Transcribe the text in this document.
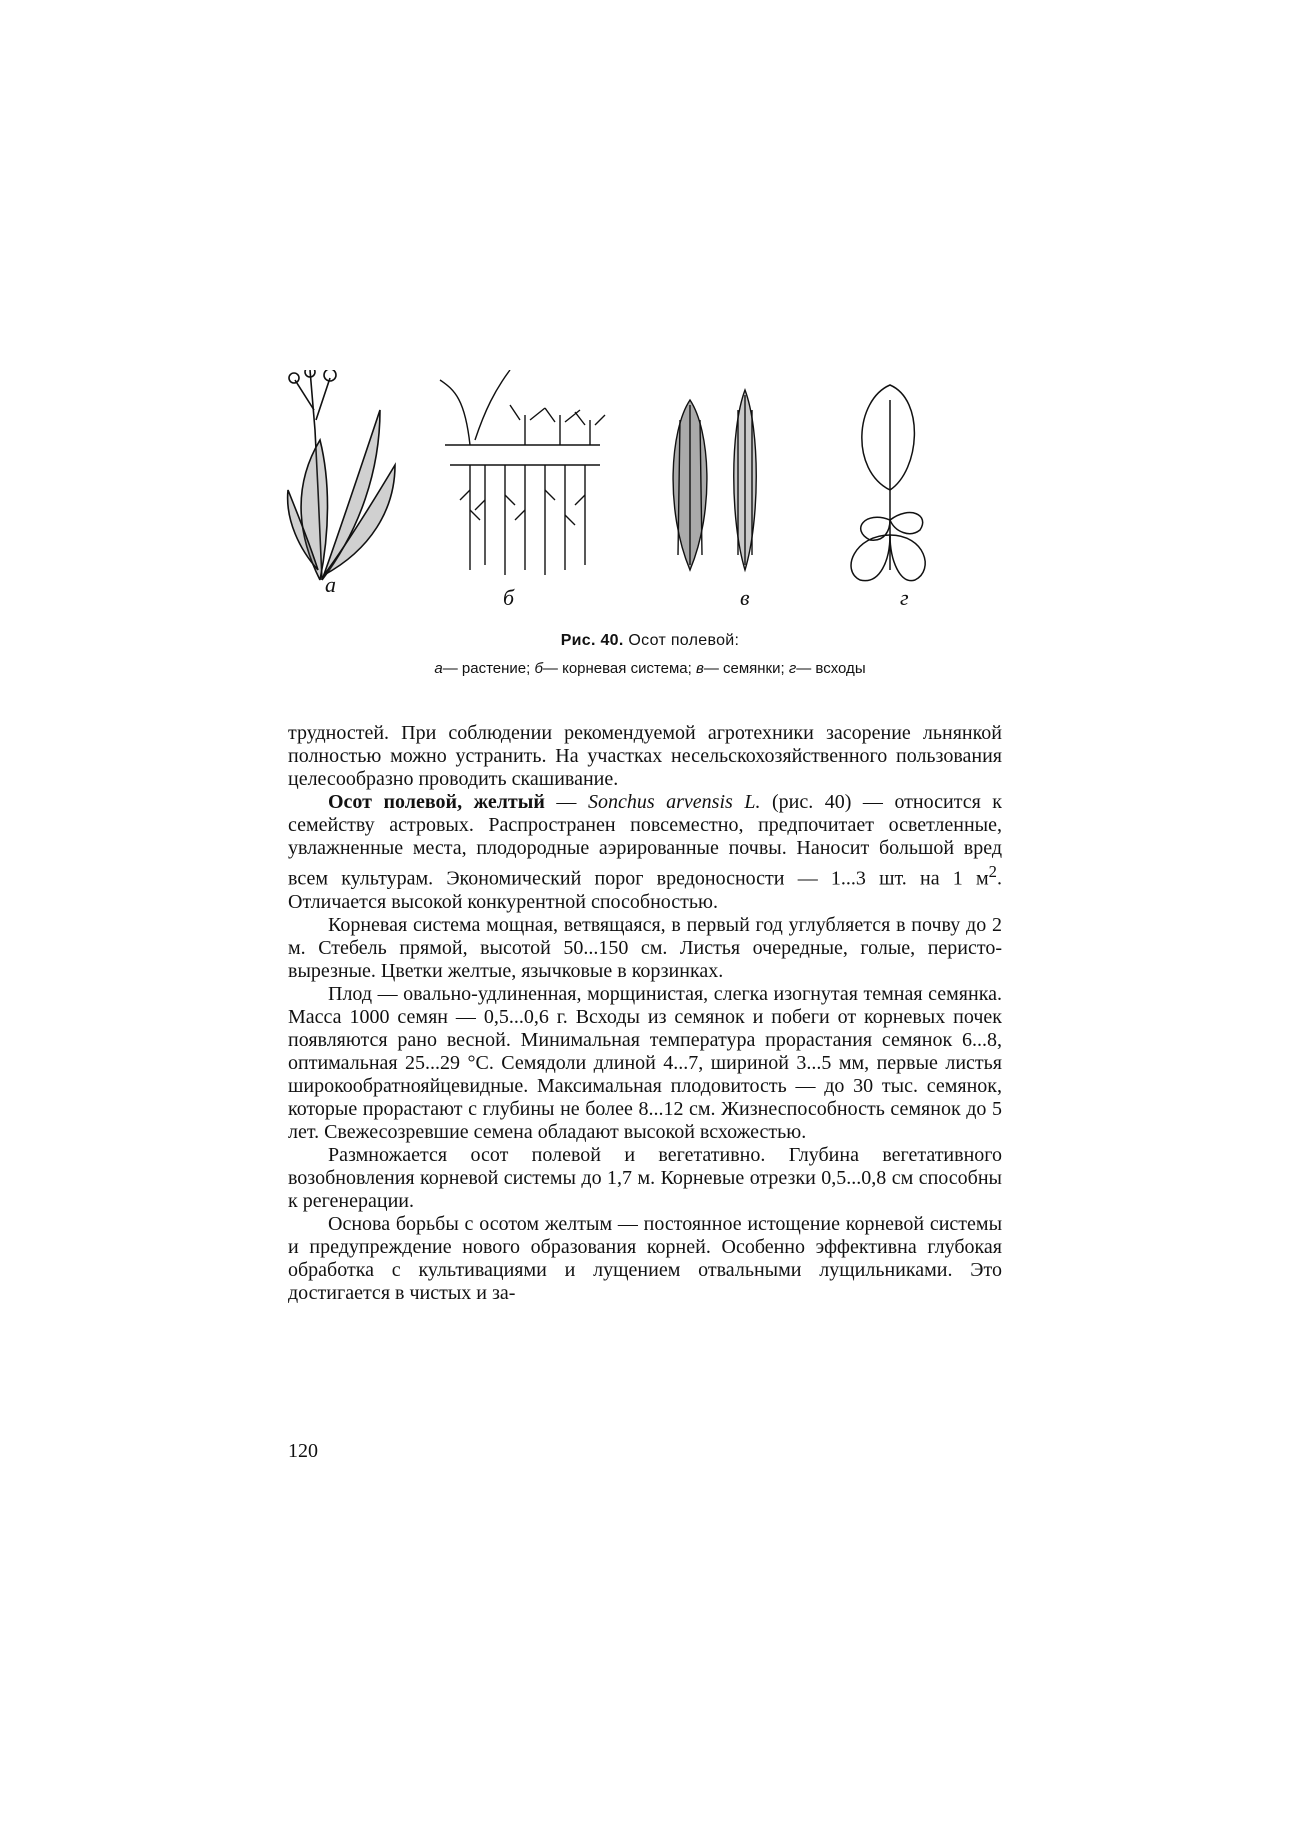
а
б	в	г
Рис. 40. Осот полевой:
а— растение; б— корневая система; в— семянки; г— всходы

трудностей. При соблюдении рекомендуемой агротехники засорение льнянкой полностью можно устранить. На участках несельскохозяйственного пользования целесообразно проводить скашивание.

Осот полевой, желтый — Sonchus arvensis L. (рис. 40) — относится к семейству астровых. Распространен повсеместно, предпочитает осветленные, увлажненные места, плодородные аэрированные почвы. Наносит большой вред всем культурам. Экономический порог вредоносности — 1...3 шт. на 1 $м^2$. Отличается высокой конкурентной способностью.

Корневая система мощная, ветвящаяся, в первый год углубляется в почву до 2 м. Стебель прямой, высотой 50...150 см. Листья очередные, голые, перисто-вырезные. Цветки желтые, язычковые в корзинках.

Плод — овально-удлиненная, морщинистая, слегка изогнутая темная семянка. Масса 1000 семян — 0,5...0,6 г. Всходы из семянок и побеги от корневых почек появляются рано весной. Минимальная температура прорастания семянок 6...8, оптимальная 25...29 °С. Семядоли длиной 4...7, шириной 3...5 мм, первые листья широкообратнояйцевидные. Максимальная плодовитость — до 30 тыс. семянок, которые прорастают с глубины не более 8...12 см. Жизнеспособность семянок до 5 лет. Свежесозревшие семена обладают высокой всхожестью.

Размножается осот полевой и вегетативно. Глубина вегетативного возобновления корневой системы до 1,7 м. Корневые отрезки 0,5...0,8 см способны к регенерации.

Основа борьбы с осотом желтым — постоянное истощение корневой системы и предупреждение нового образования корней. Особенно эффективна глубокая обработка с культивациями и лущением отвальными лущильниками. Это достигается в чистых и за-

120
